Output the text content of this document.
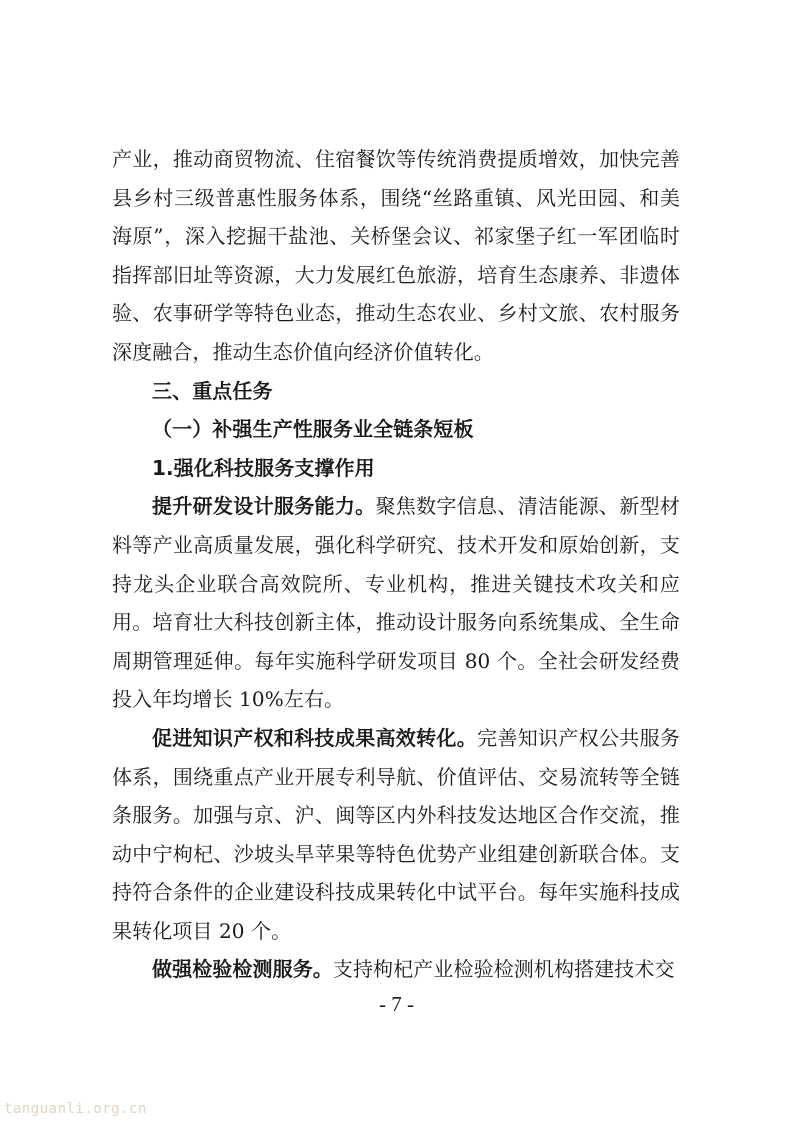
产业，推动商贸物流、住宿餐饮等传统消费提质增效，加快完善县乡村三级普惠性服务体系，围绕“丝路重镇、风光田园、和美海原”，深入挖掘干盐池、关桥堡会议、祁家堡子红一军团临时指挥部旧址等资源，大力发展红色旅游，培育生态康养、非遗体验、农事研学等特色业态，推动生态农业、乡村文旅、农村服务深度融合，推动生态价值向经济价值转化。

三、重点任务

（一）补强生产性服务业全链条短板

1.强化科技服务支撑作用

提升研发设计服务能力。聚焦数字信息、清洁能源、新型材料等产业高质量发展，强化科学研究、技术开发和原始创新，支持龙头企业联合高效院所、专业机构，推进关键技术攻关和应用。培育壮大科技创新主体，推动设计服务向系统集成、全生命周期管理延伸。每年实施科学研发项目 80 个。全社会研发经费投入年均增长 10%左右。

促进知识产权和科技成果高效转化。完善知识产权公共服务体系，围绕重点产业开展专利导航、价值评估、交易流转等全链条服务。加强与京、沪、闽等区内外科技发达地区合作交流，推动中宁枸杞、沙坡头旱苹果等特色优势产业组建创新联合体。支持符合条件的企业建设科技成果转化中试平台。每年实施科技成果转化项目 20 个。

做强检验检测服务。支持枸杞产业检验检测机构搭建技术交

- 7 -
tanguanli.org.cn
